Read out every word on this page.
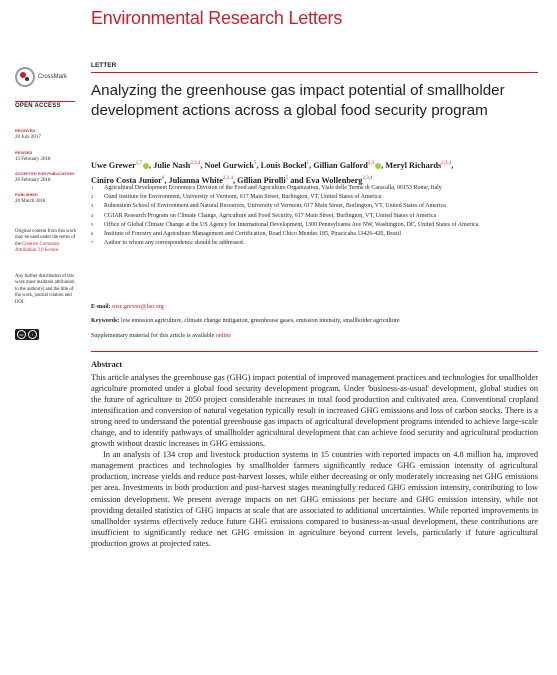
Environmental Research Letters
CrossMark
OPEN ACCESS
RECEIVED
20 July 2017
REVISED
13 February 2018
ACCEPTED FOR PUBLICATION
20 February 2018
PUBLISHED
20 March 2018
Original content from this work may be used under the terms of the Creative Commons Attribution 3.0 licence.
Any further distribution of this work must maintain attribution to the author(s) and the title of the work, journal citation and DOI.
cc	i
LETTER
Analyzing the greenhouse gas impact potential of smallholder development actions across a global food security program
Uwe Grewer$^{1,7}$ , Julie Nash$^{2,3,4}$, Noel Gurwick$^5$, Louis Bockel$^1$, Gillian Galford$^{2,3}$ , Meryl Richards$^{2,3,4}$,
Ciniro Costa Junior$^6$, Julianna White$^{2,3,4}$, Gillian Pirolli$^5$ and Eva Wollenberg$^{2,3,4}$
1	Agricultural Development Economics Division of the Food and Agriculture Organization, Viale delle Terme di Caracalla, 00153 Rome, Italy
2	Gund Institute for Environment, University of Vermont, 617 Main Street, Burlington, VT, United States of America
3	Rubenstein School of Environment and Natural Resources, University of Vermont, 617 Main Street, Burlington, VT, United States of America
4	CGIAR Research Program on Climate Change, Agriculture and Food Security, 617 Main Street, Burlington, VT, United States of America
5	Office of Global Climate Change at the US Agency for International Development, 1300 Pennsylvania Ave NW, Washington, DC, United States of America
6	Institute of Forestry and Agriculture Management and Certification, Road Chico Mendes 185, Piracicaba 13426-420, Brazil
7	Author to whom any correspondence should be addressed.
E-mail: uwe.grewer@fao.org
Keywords: low emission agriculture, climate change mitigation, greenhouse gases, emission intensity, smallholder agriculture
Supplementary material for this article is available online
Abstract

This article analyses the greenhouse gas (GHG) impact potential of improved management practices and technologies for smallholder agriculture promoted under a global food security development program. Under 'business-as-usual' development, global studies on the future of agriculture to 2050 project considerable increases in total food production and cultivated area. Conventional cropland intensification and conversion of natural vegetation typically result in increased GHG emissions and loss of carbon stocks. There is a strong need to understand the potential greenhouse gas impacts of agricultural development programs intended to achieve large-scale change, and to identify pathways of smallholder agricultural development that can achieve food security and agricultural production growth without drastic increases in GHG emissions.

In an analysis of 134 crop and livestock production systems in 15 countries with reported impacts on 4.8 million ha, improved management practices and technologies by smallholder farmers significantly reduce GHG emission intensity of agricultural production, increase yields and reduce post-harvest losses, while either decreasing or only moderately increasing net GHG emissions per area. Investments in both production and post-harvest stages meaningfully reduced GHG emission intensity, contributing to low emission development. We present average impacts on net GHG emissions per hectare and GHG emission intensity, while not providing detailed statistics of GHG impacts at scale that are associated to additional uncertainties. While reported improvements in smallholder systems effectively reduce future GHG emissions compared to business-as-usual development, these contributions are insufficient to significantly reduce net GHG emission in agriculture beyond current levels, particularly if future agricultural production grows at projected rates.
